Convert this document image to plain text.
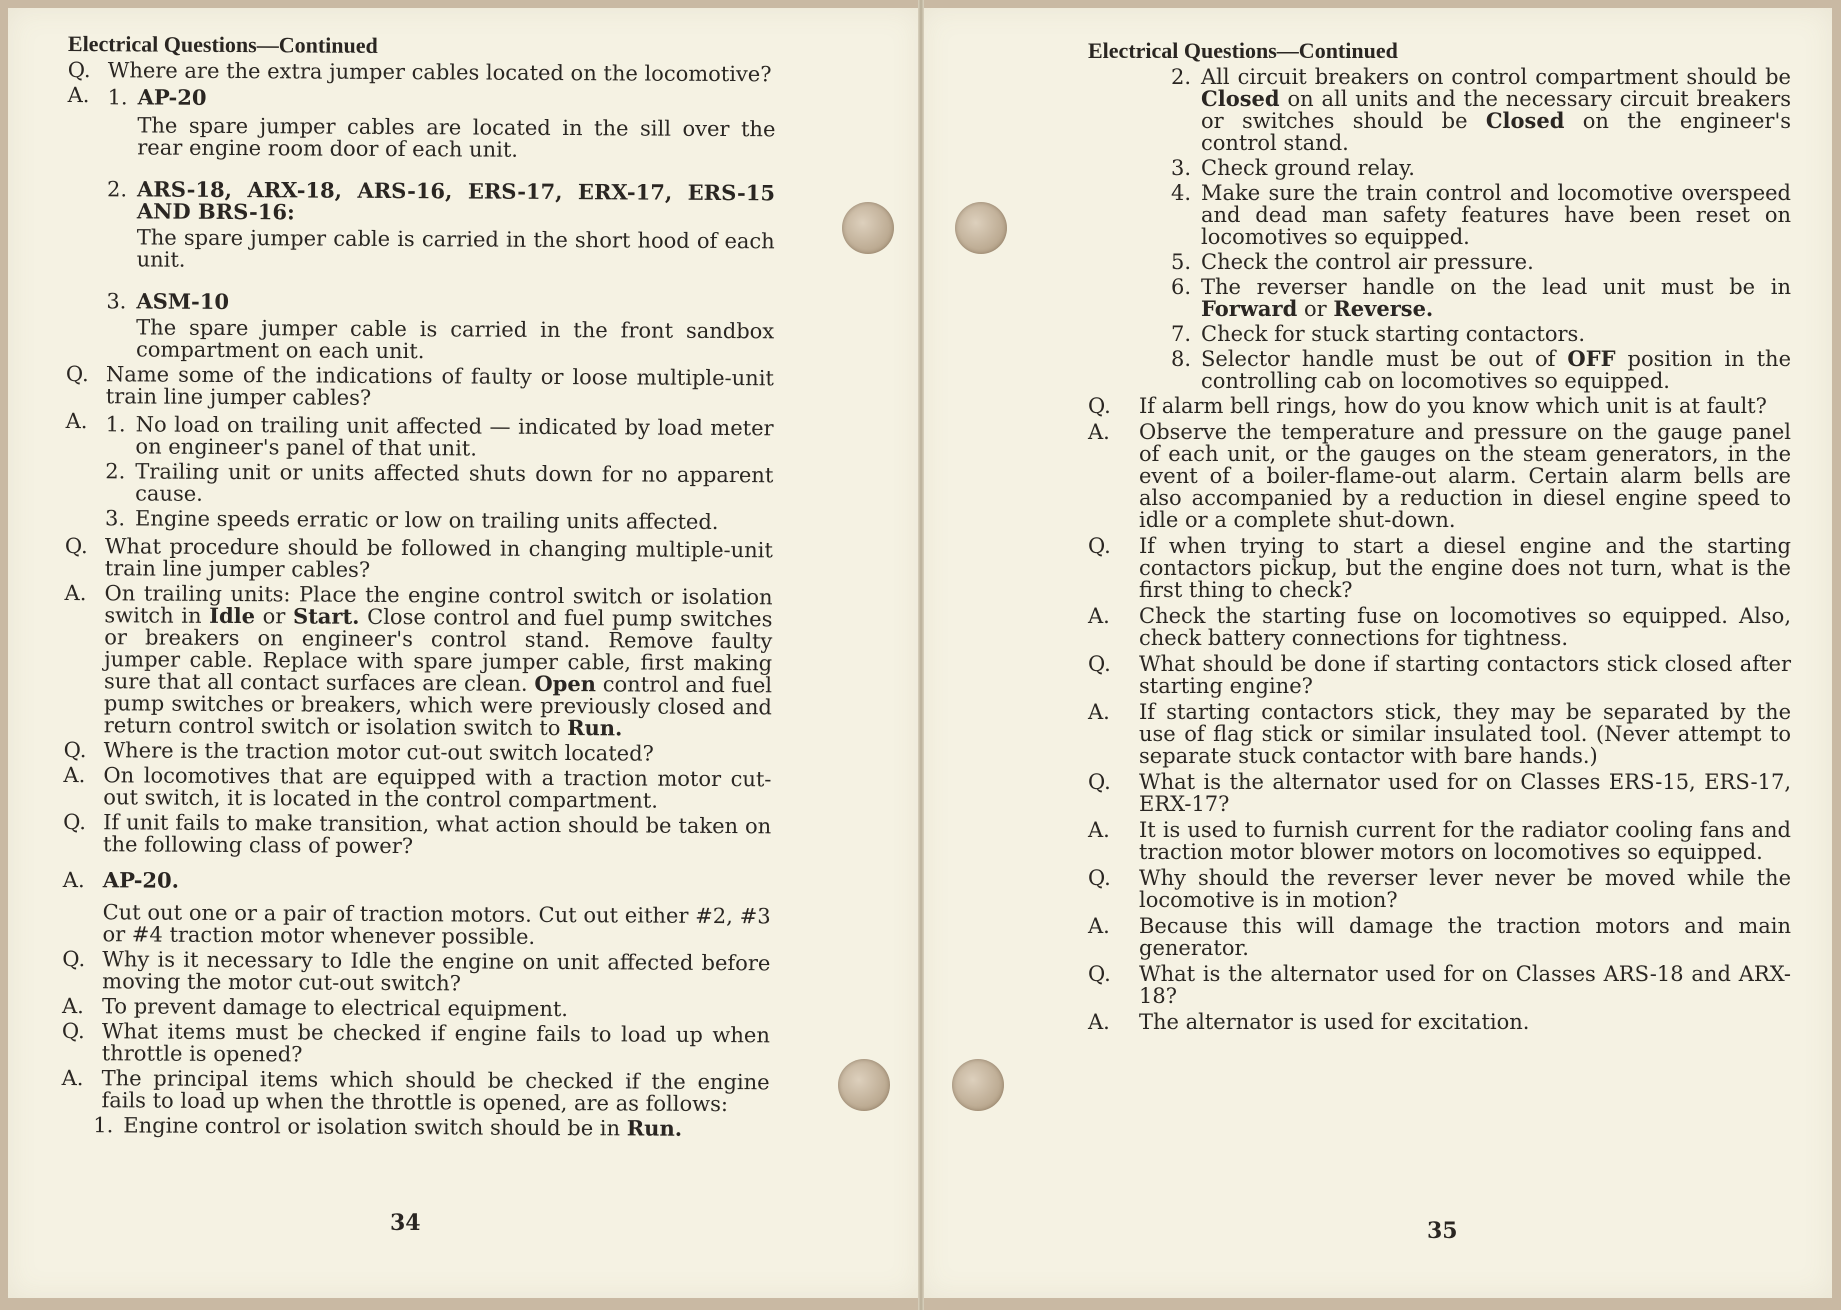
Electrical Questions—Continued
Q. Where are the extra jumper cables located on the locomotive?
A. 1. AP-20
The spare jumper cables are located in the sill over the rear engine room door of each unit.
2. ARS-18, ARX-18, ARS-16, ERS-17, ERX-17, ERS-15 AND BRS-16:
The spare jumper cable is carried in the short hood of each unit.
3. ASM-10
The spare jumper cable is carried in the front sandbox compartment on each unit.
Q. Name some of the indications of faulty or loose multiple-unit train line jumper cables?
A. 1. No load on trailing unit affected — indicated by load meter on engineer's panel of that unit.
2. Trailing unit or units affected shuts down for no apparent cause.
3. Engine speeds erratic or low on trailing units affected.
Q. What procedure should be followed in changing multiple-unit train line jumper cables?
A. On trailing units: Place the engine control switch or isolation switch in Idle or Start. Close control and fuel pump switches or breakers on engineer's control stand. Remove faulty jumper cable. Replace with spare jumper cable, first making sure that all contact surfaces are clean. Open control and fuel pump switches or breakers, which were previously closed and return control switch or isolation switch to Run.
Q. Where is the traction motor cut-out switch located?
A. On locomotives that are equipped with a traction motor cut-out switch, it is located in the control compartment.
Q. If unit fails to make transition, what action should be taken on the following class of power?
A. AP-20.
Cut out one or a pair of traction motors. Cut out either #2, #3 or #4 traction motor whenever possible.
Q. Why is it necessary to Idle the engine on unit affected before moving the motor cut-out switch?
A. To prevent damage to electrical equipment.
Q. What items must be checked if engine fails to load up when throttle is opened?
A. The principal items which should be checked if the engine fails to load up when the throttle is opened, are as follows:
1. Engine control or isolation switch should be in Run.
34
Electrical Questions—Continued
2. All circuit breakers on control compartment should be Closed on all units and the necessary circuit breakers or switches should be Closed on the engineer's control stand.
3. Check ground relay.
4. Make sure the train control and locomotive overspeed and dead man safety features have been reset on locomotives so equipped.
5. Check the control air pressure.
6. The reverser handle on the lead unit must be in Forward or Reverse.
7. Check for stuck starting contactors.
8. Selector handle must be out of OFF position in the controlling cab on locomotives so equipped.
Q.	If alarm bell rings, how do you know which unit is at fault?
A.	Observe the temperature and pressure on the gauge panel of each unit, or the gauges on the steam generators, in the event of a boiler-flame-out alarm. Certain alarm bells are also accompanied by a reduction in diesel engine speed to idle or a complete shut-down.
Q.	If when trying to start a diesel engine and the starting contactors pickup, but the engine does not turn, what is the first thing to check?
A.	Check the starting fuse on locomotives so equipped. Also, check battery connections for tightness.
Q.	What should be done if starting contactors stick closed after starting engine?
A.	If starting contactors stick, they may be separated by the use of flag stick or similar insulated tool. (Never attempt to separate stuck contactor with bare hands.)
Q.	What is the alternator used for on Classes ERS-15, ERS-17, ERX-17?
A.	It is used to furnish current for the radiator cooling fans and traction motor blower motors on locomotives so equipped.
Q.	Why should the reverser lever never be moved while the locomotive is in motion?
A.	Because this will damage the traction motors and main generator.
Q.	What is the alternator used for on Classes ARS-18 and ARX-18?
A.	The alternator is used for excitation.
35
